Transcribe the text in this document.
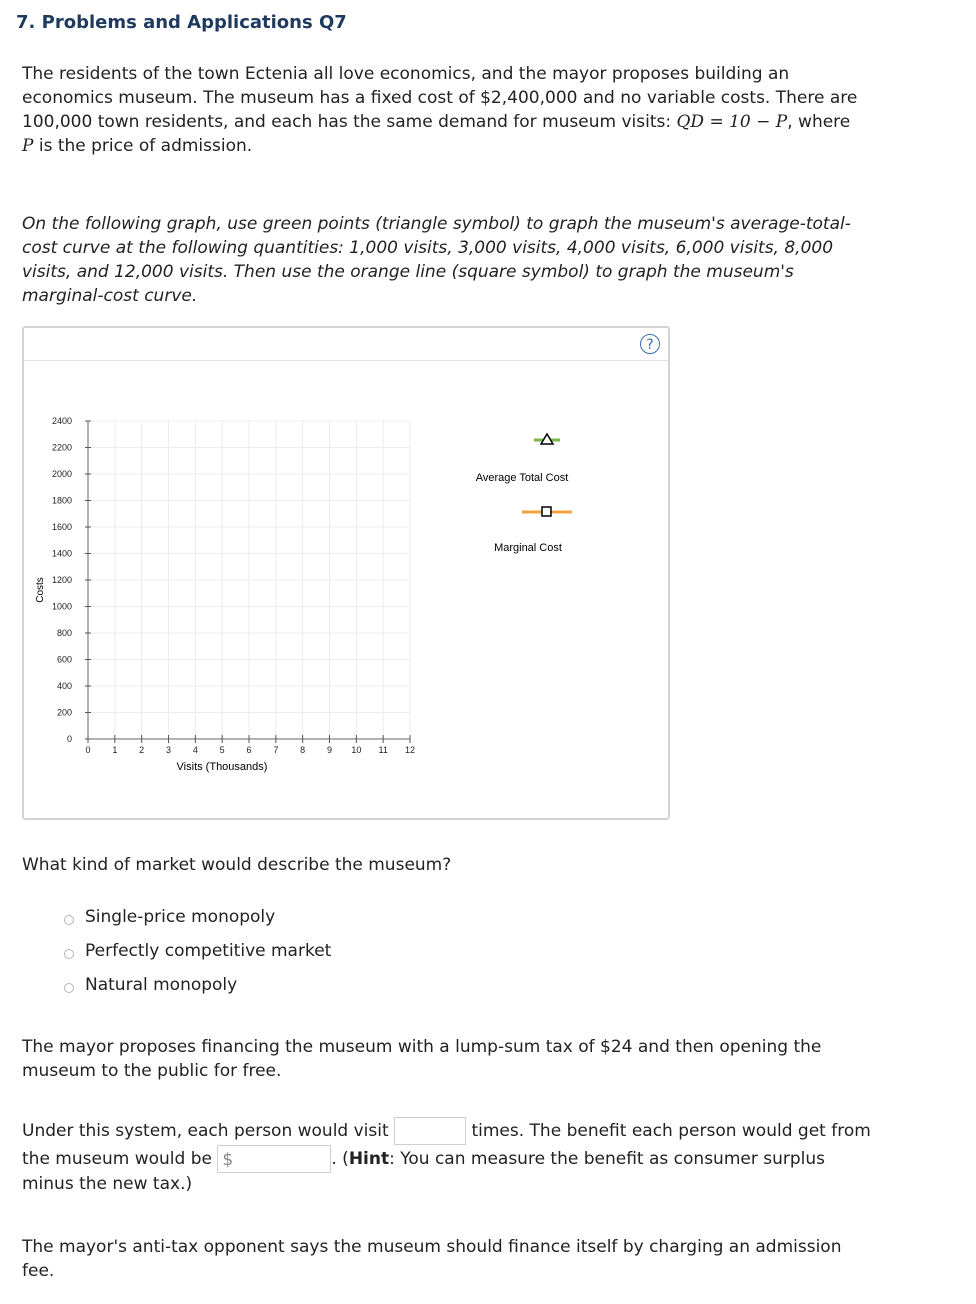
7. Problems and Applications Q7
The residents of the town Ectenia all love economics, and the mayor proposes building an
economics museum. The museum has a fixed cost of $2,400,000 and no variable costs. There are
100,000 town residents, and each has the same demand for museum visits: QD = 10 − P, where
P is the price of admission.
On the following graph, use green points (triangle symbol) to graph the museum's average-total-
cost curve at the following quantities: 1,000 visits, 3,000 visits, 4,000 visits, 6,000 visits, 8,000
visits, and 12,000 visits. Then use the orange line (square symbol) to graph the museum's
marginal-cost curve.
?
0
200
400
600
800
1000
1200
1400
1600
1800
2000
2200
2400
0 1 2 3 4 5 6 7 8 9 10 11 12
Costs
Visits (Thousands)
Average Total Cost
Marginal Cost
What kind of market would describe the museum?
Single-price monopoly
Perfectly competitive market
Natural monopoly
The mayor proposes financing the museum with a lump-sum tax of $24 and then opening the
museum to the public for free.
Under this system, each person would visit	times. The benefit each person would get from
the museum would be $	. (Hint: You can measure the benefit as consumer surplus
minus the new tax.)
The mayor's anti-tax opponent says the museum should finance itself by charging an admission
fee.
